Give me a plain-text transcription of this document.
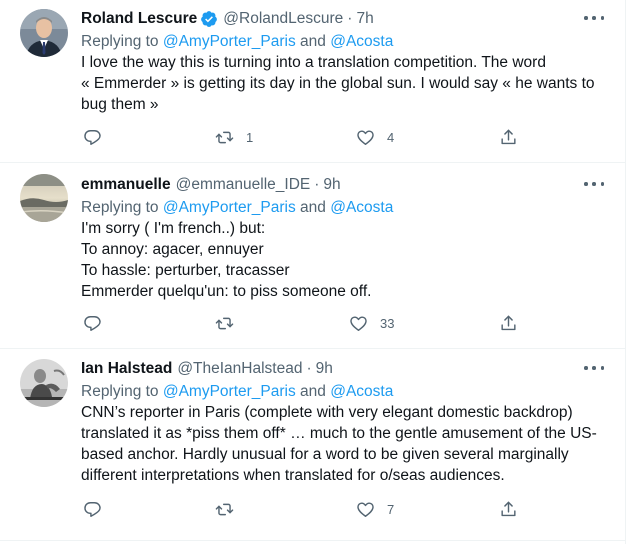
Roland Lescure @RolandLescure · 7h
Replying to @AmyPorter_Paris and @Acosta
I love the way this is turning into a translation competition. The word
« Emmerder » is getting its day in the global sun. I would say « he wants to
bug them »
1	4
emmanuelle @emmanuelle_IDE · 9h
Replying to @AmyPorter_Paris and @Acosta
I'm sorry ( I'm french..) but:
To annoy: agacer, ennuyer
To hassle: perturber, tracasser
Emmerder quelqu'un: to piss someone off.
33
Ian Halstead @TheIanHalstead · 9h
Replying to @AmyPorter_Paris and @Acosta
CNN’s reporter in Paris (complete with very elegant domestic backdrop)
translated it as *piss them off* … much to the gentle amusement of the US-
based anchor. Hardly unusual for a word to be given several marginally
different interpretations when translated for o/seas audiences.
7
